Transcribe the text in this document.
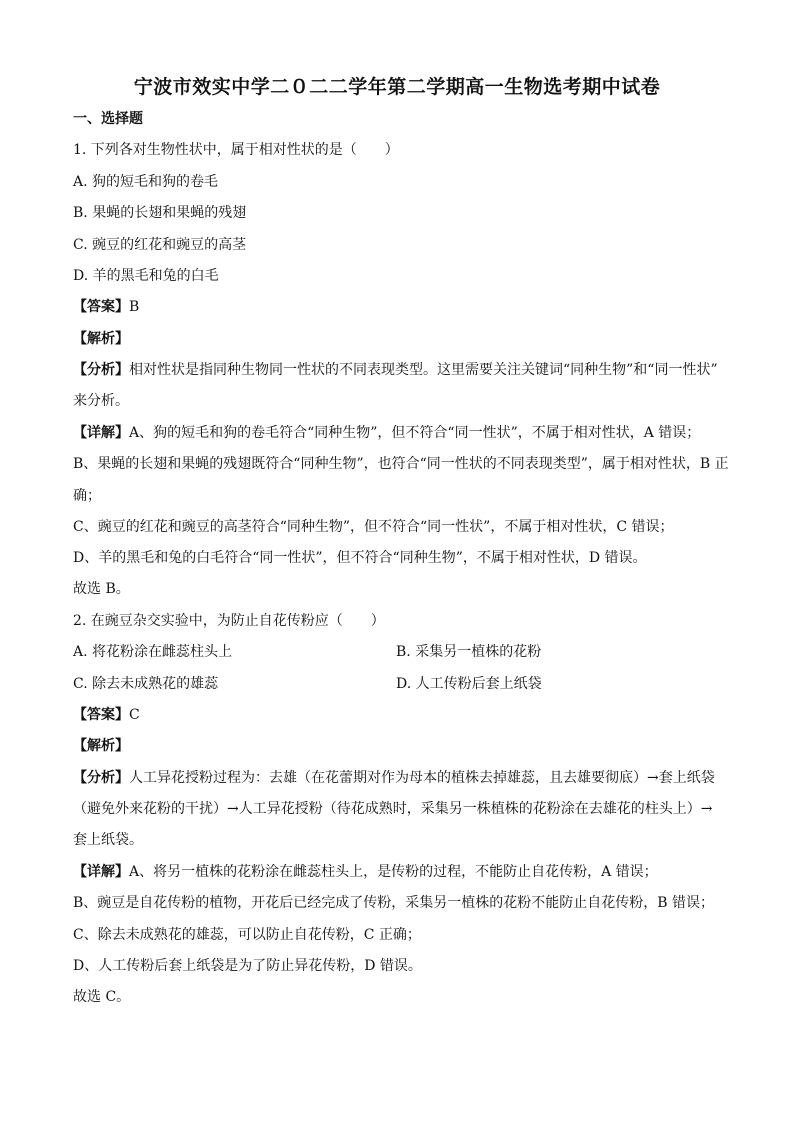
宁波市效实中学二０二二学年第二学期高一生物选考期中试卷
一、选择题
1. 下列各对生物性状中，属于相对性状的是（　　）
A. 狗的短毛和狗的卷毛
B. 果蝇的长翅和果蝇的残翅
C. 豌豆的红花和豌豆的高茎
D. 羊的黑毛和兔的白毛
【答案】B
【解析】
【分析】相对性状是指同种生物同一性状的不同表现类型。这里需要关注关键词“同种生物”和“同一性状”
来分析。
【详解】A、狗的短毛和狗的卷毛符合“同种生物”，但不符合“同一性状”，不属于相对性状，A 错误；
B、果蝇的长翅和果蝇的残翅既符合“同种生物”，也符合“同一性状的不同表现类型”，属于相对性状，B 正
确；
C、豌豆的红花和豌豆的高茎符合“同种生物”，但不符合“同一性状”，不属于相对性状，C 错误；
D、羊的黑毛和兔的白毛符合“同一性状”，但不符合“同种生物”，不属于相对性状，D 错误。
故选 B。
2. 在豌豆杂交实验中，为防止自花传粉应（　　）
A. 将花粉涂在雌蕊柱头上	B. 采集另一植株的花粉
C. 除去未成熟花的雄蕊	D. 人工传粉后套上纸袋
【答案】C
【解析】
【分析】人工异花授粉过程为：去雄（在花蕾期对作为母本的植株去掉雄蕊，且去雄要彻底）→套上纸袋
（避免外来花粉的干扰）→人工异花授粉（待花成熟时，采集另一株植株的花粉涂在去雄花的柱头上）→
套上纸袋。
【详解】A、将另一植株的花粉涂在雌蕊柱头上，是传粉的过程，不能防止自花传粉，A 错误；
B、豌豆是自花传粉的植物，开花后已经完成了传粉，采集另一植株的花粉不能防止自花传粉，B 错误；
C、除去未成熟花的雄蕊，可以防止自花传粉，C 正确；
D、人工传粉后套上纸袋是为了防止异花传粉，D 错误。
故选 C。
